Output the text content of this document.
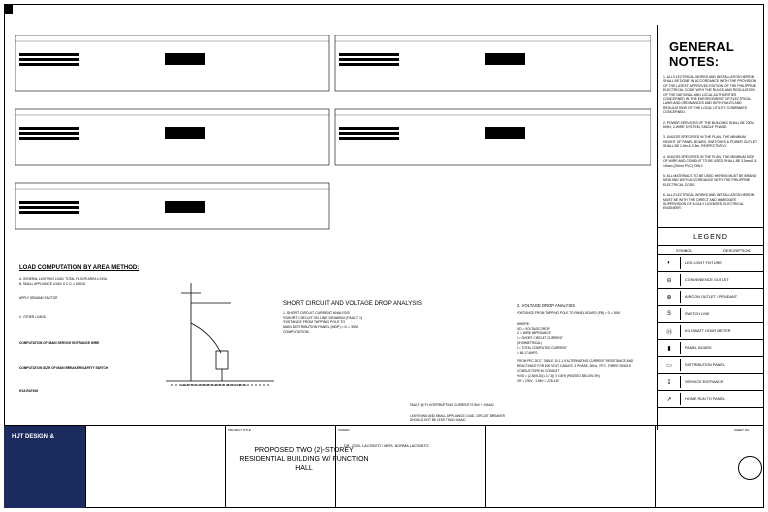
GENERAL NOTES:
1. ALL ELECTRICAL WORKS AND INSTALLATION HEREIN SHALL BE DONE IN ACCORDANCE WITH THE PROVISION OF THE LATEST APPROVED EDITION OF THE PHILIPPINE ELECTRICAL CODE WITH THE RULES AND REGULATION OF THE NATIONAL AND LOCAL AUTHORITIES CONCERNED IN THE ENFORCEMENT OF ELECTRICAL LAWS AND ORDINANCES AND WITH RULES AND REGULATIONS OF THE LOCAL UTILITY COMPANIES CONCERNED.
2. POWER SERVICES OF THE BUILDING SHALL BE 230V, 60Hz, 2-WIRE SYSTEM, SINGLE PHASE.
3. UNLESS SPECIFIED IN THE PLAN, THE MINIMUM HEIGHT OF PANEL BOARD, SWITCHES & POWER OUTLET SHALL BE 1.5m & 0.3m, RESPECTIVELY.
4. UNLESS SPECIFIED IN THE PLAN, THE MINIMUM SIZE OF WIRE AND CONDUIT TO BE USED SHALL BE 3.5mm2 & 15mm (20mm PVC) ONLY.
5. ALL MATERIALS TO BE USED HEREIN MUST BE BRAND NEW AND WITH ACCORDANCE WITH THE PHILIPPINE ELECTRICAL CODE.
6. ALL ELECTRICAL WORKS AND INSTALLATION HEREIN MUST BE WITH THE DIRECT AND IMMEDIATE SUPERVISION OF A DULY LICENSED ELECTRICAL ENGINEER.
LEGEND
SYMBOL	DESCRIPTION
◐	LED LIGHT FIXTURE
⊖	CONVENIENCE OUTLET
⊕	AIRCON OUTLET / PENDANT
S	SWITCH LINE
Ⓜ	KILOWATT HOUR METER
▮	PANEL BOARD
▭	DISTRIBUTION PANEL
↧	SERVICE ENTRANCE
↗	HOME RUN TO PANEL
LOAD COMPUTATION BY AREA METHOD:
A. GENERAL LIGHTING LOAD: TOTAL FLOOR AREA x 24VA
B. SMALL APPLIANCE LOAD: 6 C.O. x 180VA
APPLY DEMAND FACTOR
C. OTHER LOADS
COMPUTATION OF MAIN SERVICE ENTRANCE WIRE
COMPUTATION SIZE OF MAIN BREAKER/SAFETY SWITCH
KVA RATING
ELECTRICAL RISER/SHOWING DETAIL DETAIL
SHORT CIRCUIT AND VOLTAGE DROP ANALYSIS
1. SHORT CIRCUIT CURRENT ANALYSIS
*ISHORT CIRCUIT ON LINE DRAWING (FAULT 1)
*DISTANCE FROM TAPPING POLE TO
MAIN DISTRIBUTION PANEL (MDP) = D = 30M
COMPUTATION:
FAULT @ F1 INTERRUPTING CURRENT IS 9kV + 10kAIC
LIGHTNING AND SMALL APPLIANCE LOAD, CIRCUIT BREAKER SHOULD NOT BE LESS THAN 10kAIC
2. VOLTAGE DROP ANALYSIS
*DISTANCE FROM TAPPING POLE TO PANEL BOARD (PB) = D = 30M
WHERE:
VD = VOLTAGE DROP
Z = WIRE IMPEDANCE
I = SHORT CIRCUIT CURRENT
(SYMMETRICAL)
I = TOTAL COMPUTED CURRENT
= 66.17 AMPS
FROM PEC 2017, TABLE 10.1.1.9 ALTERNATING CURRENT RESISTANCE AND REACTANCE FOR 600 VOLT CABLES, 3 PHASE, 60Hz, 75°C. THREE SINGLE CONDUCTORS IN CONDUIT
%VD = (2.3kVLD/(1.3 / 3)) X 100% (PASSED BELOW 3%)
VR = 230V - 1.86V = 228.14V
HJT DESIGN &
PROJECT TITLE
PROPOSED TWO (2)-STOREY RESIDENTIAL BUILDING W/ FUNCTION HALL
OWNER
DR. JOEL LACSINTO / MRS. NORMA LACSINTO
SHEET NO.
